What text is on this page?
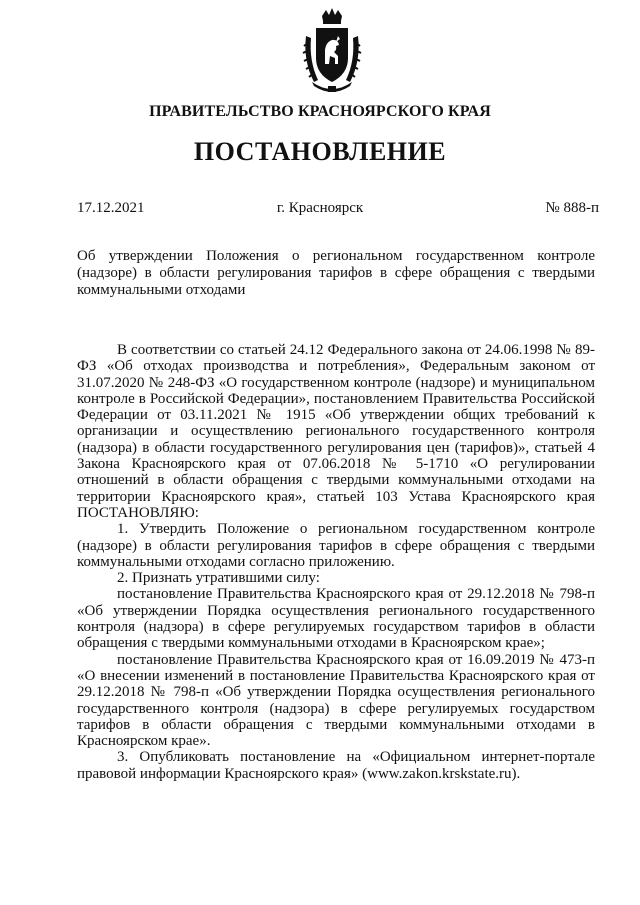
ПРАВИТЕЛЬСТВО КРАСНОЯРСКОГО КРАЯ
ПОСТАНОВЛЕНИЕ
17.12.2021	г. Красноярск	№ 888-п
Об утверждении Положения о региональном государственном контроле (надзоре) в области регулирования тарифов в сфере обращения с твердыми коммунальными отходами

В соответствии со статьей 24.12 Федерального закона от 24.06.1998 № 89-ФЗ «Об отходах производства и потребления», Федеральным законом от 31.07.2020 № 248-ФЗ «О государственном контроле (надзоре) и муниципальном контроле в Российской Федерации», постановлением Правительства Российской Федерации от 03.11.2021 № 1915 «Об утверждении общих требований к организации и осуществлению регионального государственного контроля (надзора) в области государственного регулирования цен (тарифов)», статьей 4 Закона Красноярского края от 07.06.2018 № 5-1710 «О регулировании отношений в области обращения с твердыми коммунальными отходами на территории Красноярского края», статьей 103 Устава Красноярского края ПОСТАНОВЛЯЮ:

1. Утвердить Положение о региональном государственном контроле (надзоре) в области регулирования тарифов в сфере обращения с твердыми коммунальными отходами согласно приложению.

2. Признать утратившими силу:

постановление Правительства Красноярского края от 29.12.2018 № 798-п «Об утверждении Порядка осуществления регионального государственного контроля (надзора) в сфере регулируемых государством тарифов в области обращения с твердыми коммунальными отходами в Красноярском крае»;

постановление Правительства Красноярского края от 16.09.2019 № 473-п «О внесении изменений в постановление Правительства Красноярского края от 29.12.2018 № 798-п «Об утверждении Порядка осуществления регионального государственного контроля (надзора) в сфере регулируемых государством тарифов в области обращения с твердыми коммунальными отходами в Красноярском крае».

3. Опубликовать постановление на «Официальном интернет-портале правовой информации Красноярского края» (www.zakon.krskstate.ru).
